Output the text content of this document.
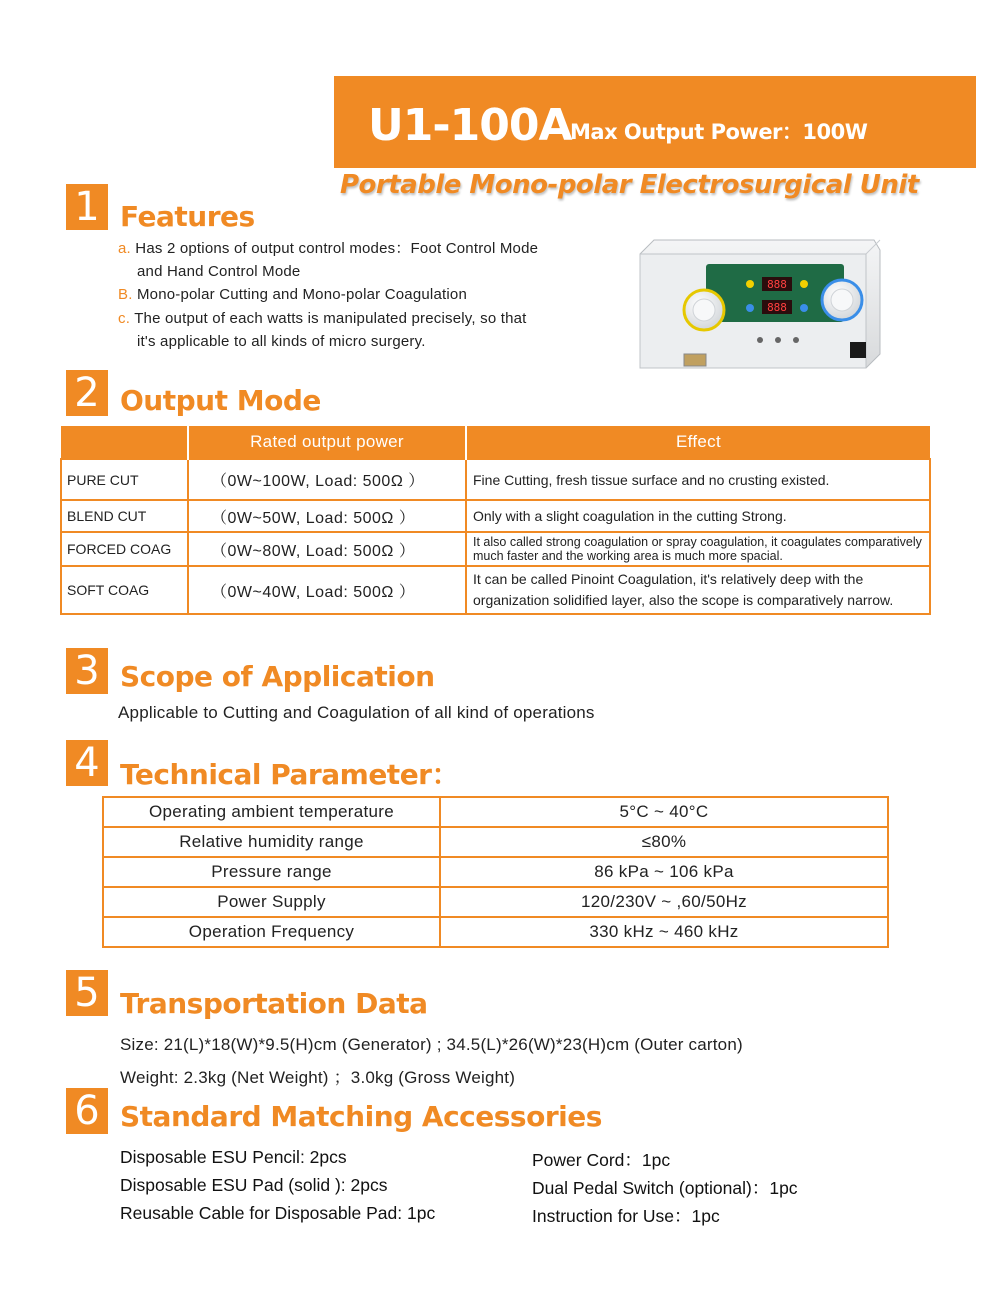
U1-100A
Max Output Power：100W
Portable Mono-polar Electrosurgical Unit
1 Features
a. Has 2 options of output control modes：Foot Control Mode
and Hand Control Mode
B. Mono-polar Cutting and Mono-polar Coagulation
c. The output of each watts is manipulated precisely, so that
it's applicable to all kinds of micro surgery.
888
888
2 Output Mode
	Rated output power	Effect
PURE CUT	（0W~100W, Load: 500Ω ）	Fine Cutting, fresh tissue surface and no crusting existed.
BLEND CUT	（0W~50W, Load: 500Ω ）	Only with a slight coagulation in the cutting Strong.
FORCED COAG	（0W~80W, Load: 500Ω ）	It also called strong coagulation or spray coagulation, it coagulates comparatively much faster and the working area is much more spacial.
SOFT COAG	（0W~40W, Load: 500Ω ）	It can be called Pinoint Coagulation, it's relatively deep with the organization solidified layer, also the scope is comparatively narrow.
3 Scope of Application
Applicable to Cutting and Coagulation of all kind of operations
4 Technical Parameter：
Operating ambient temperature	5°C ~ 40°C
Relative humidity range	≤80%
Pressure range	86 kPa ~ 106 kPa
Power Supply	120/230V ~ ,60/50Hz
Operation Frequency	330 kHz ~ 460 kHz
5 Transportation Data
Size: 21(L)*18(W)*9.5(H)cm (Generator) ; 34.5(L)*26(W)*23(H)cm (Outer carton)
Weight: 2.3kg (Net Weight) ；3.0kg (Gross Weight)
6 Standard Matching Accessories
Disposable ESU Pencil: 2pcs
Disposable ESU Pad (solid ): 2pcs
Reusable Cable for Disposable Pad: 1pc
Power Cord：1pc
Dual Pedal Switch (optional)：1pc
Instruction for Use：1pc
